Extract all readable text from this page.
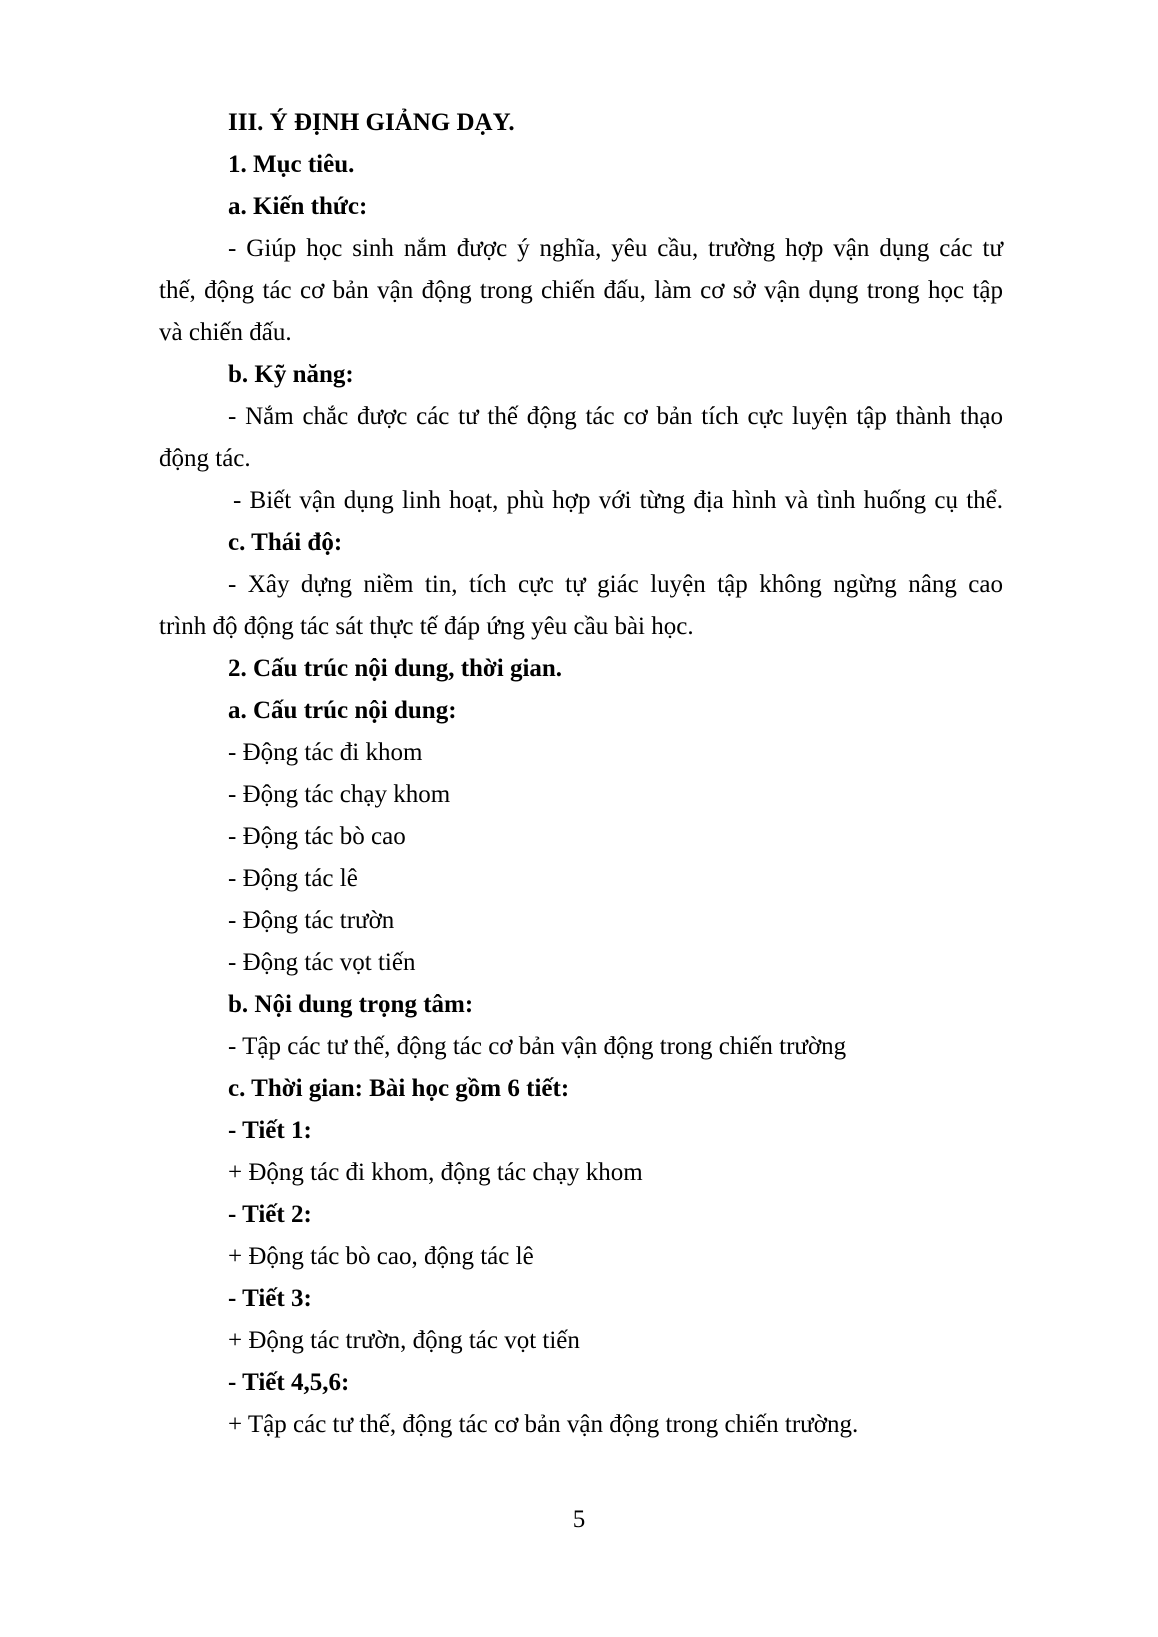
III. Ý ĐỊNH GIẢNG DẠY.
1. Mục tiêu.
a. Kiến thức:
- Giúp học sinh nắm được ý nghĩa, yêu cầu, trường hợp vận dụng các tư
thế, động tác cơ bản vận động trong chiến đấu, làm cơ sở vận dụng trong học tập
và chiến đấu.
b. Kỹ năng:
- Nắm chắc được các tư thế động tác cơ bản tích cực luyện tập thành thạo
động tác.
- Biết vận dụng linh hoạt, phù hợp với từng địa hình và tình huống cụ thể.
c. Thái độ:
- Xây dựng niềm tin, tích cực tự giác luyện tập không ngừng nâng cao
trình độ động tác sát thực tế đáp ứng yêu cầu bài học.
2. Cấu trúc nội dung, thời gian.
a. Cấu trúc nội dung:
- Động tác đi khom
- Động tác chạy khom
- Động tác bò cao
- Động tác lê
- Động tác trườn
- Động tác vọt tiến
b. Nội dung trọng tâm:
- Tập các tư thế, động tác cơ bản vận động trong chiến trường
c. Thời gian: Bài học gồm 6 tiết:
- Tiết 1:
+ Động tác đi khom, động tác chạy khom
- Tiết 2:
+ Động tác bò cao, động tác lê
- Tiết 3:
+ Động tác trườn, động tác vọt tiến
- Tiết 4,5,6:
+ Tập các tư thế, động tác cơ bản vận động trong chiến trường.
5
